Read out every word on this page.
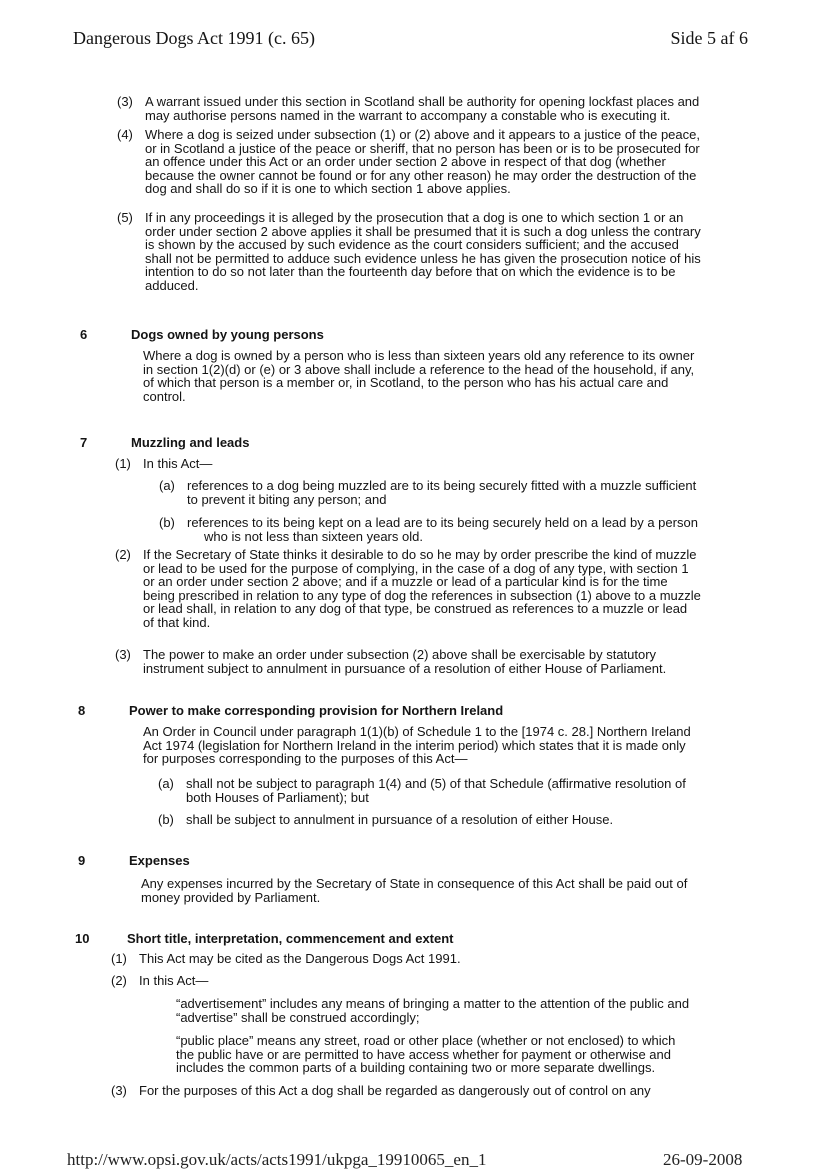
Dangerous Dogs Act 1991 (c. 65)	Side 5 af 6
(3) A warrant issued under this section in Scotland shall be authority for opening lockfast places and
may authorise persons named in the warrant to accompany a constable who is executing it.
(4) Where a dog is seized under subsection (1) or (2) above and it appears to a justice of the peace,
or in Scotland a justice of the peace or sheriff, that no person has been or is to be prosecuted for
an offence under this Act or an order under section 2 above in respect of that dog (whether
because the owner cannot be found or for any other reason) he may order the destruction of the
dog and shall do so if it is one to which section 1 above applies.
(5) If in any proceedings it is alleged by the prosecution that a dog is one to which section 1 or an
order under section 2 above applies it shall be presumed that it is such a dog unless the contrary
is shown by the accused by such evidence as the court considers sufficient; and the accused
shall not be permitted to adduce such evidence unless he has given the prosecution notice of his
intention to do so not later than the fourteenth day before that on which the evidence is to be
adduced.
6	Dogs owned by young persons
Where a dog is owned by a person who is less than sixteen years old any reference to its owner
in section 1(2)(d) or (e) or 3 above shall include a reference to the head of the household, if any,
of which that person is a member or, in Scotland, to the person who has his actual care and
control.
7	Muzzling and leads
(1) In this Act—
(a) references to a dog being muzzled are to its being securely fitted with a muzzle sufficient
to prevent it biting any person; and
(b) references to its being kept on a lead are to its being securely held on a lead by a person
who is not less than sixteen years old.
(2) If the Secretary of State thinks it desirable to do so he may by order prescribe the kind of muzzle
or lead to be used for the purpose of complying, in the case of a dog of any type, with section 1
or an order under section 2 above; and if a muzzle or lead of a particular kind is for the time
being prescribed in relation to any type of dog the references in subsection (1) above to a muzzle
or lead shall, in relation to any dog of that type, be construed as references to a muzzle or lead
of that kind.
(3) The power to make an order under subsection (2) above shall be exercisable by statutory
instrument subject to annulment in pursuance of a resolution of either House of Parliament.
8	Power to make corresponding provision for Northern Ireland
An Order in Council under paragraph 1(1)(b) of Schedule 1 to the [1974 c. 28.] Northern Ireland
Act 1974 (legislation for Northern Ireland in the interim period) which states that it is made only
for purposes corresponding to the purposes of this Act—
(a) shall not be subject to paragraph 1(4) and (5) of that Schedule (affirmative resolution of
both Houses of Parliament); but
(b) shall be subject to annulment in pursuance of a resolution of either House.
9	Expenses
Any expenses incurred by the Secretary of State in consequence of this Act shall be paid out of
money provided by Parliament.
10	Short title, interpretation, commencement and extent
(1) This Act may be cited as the Dangerous Dogs Act 1991.
(2) In this Act—
“advertisement” includes any means of bringing a matter to the attention of the public and
“advertise” shall be construed accordingly;
“public place” means any street, road or other place (whether or not enclosed) to which
the public have or are permitted to have access whether for payment or otherwise and
includes the common parts of a building containing two or more separate dwellings.
(3) For the purposes of this Act a dog shall be regarded as dangerously out of control on any
http://www.opsi.gov.uk/acts/acts1991/ukpga_19910065_en_1	26-09-2008
